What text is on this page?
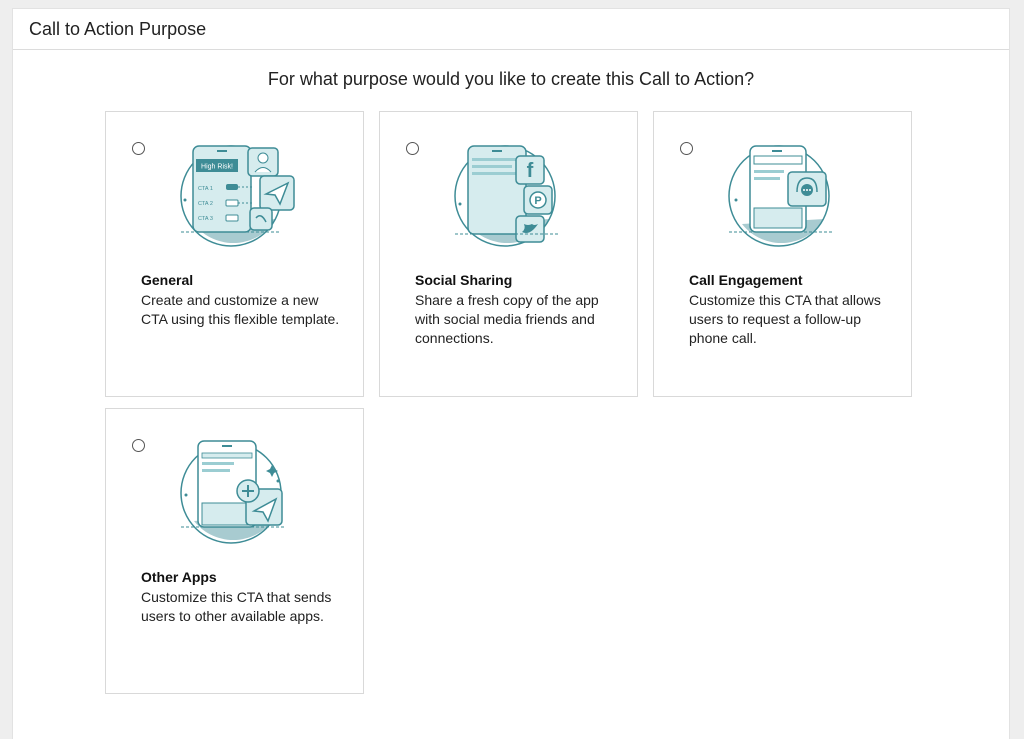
Call to Action Purpose
For what purpose would you like to create this Call to Action?
High Risk!
CTA 1
CTA 2
CTA 3
General
Create and customize a new CTA using this flexible template.
f
P
Social Sharing
Share a fresh copy of the app with social media friends and connections.
Call Engagement
Customize this CTA that allows users to request a follow-up phone call.
Other Apps
Customize this CTA that sends users to other available apps.
